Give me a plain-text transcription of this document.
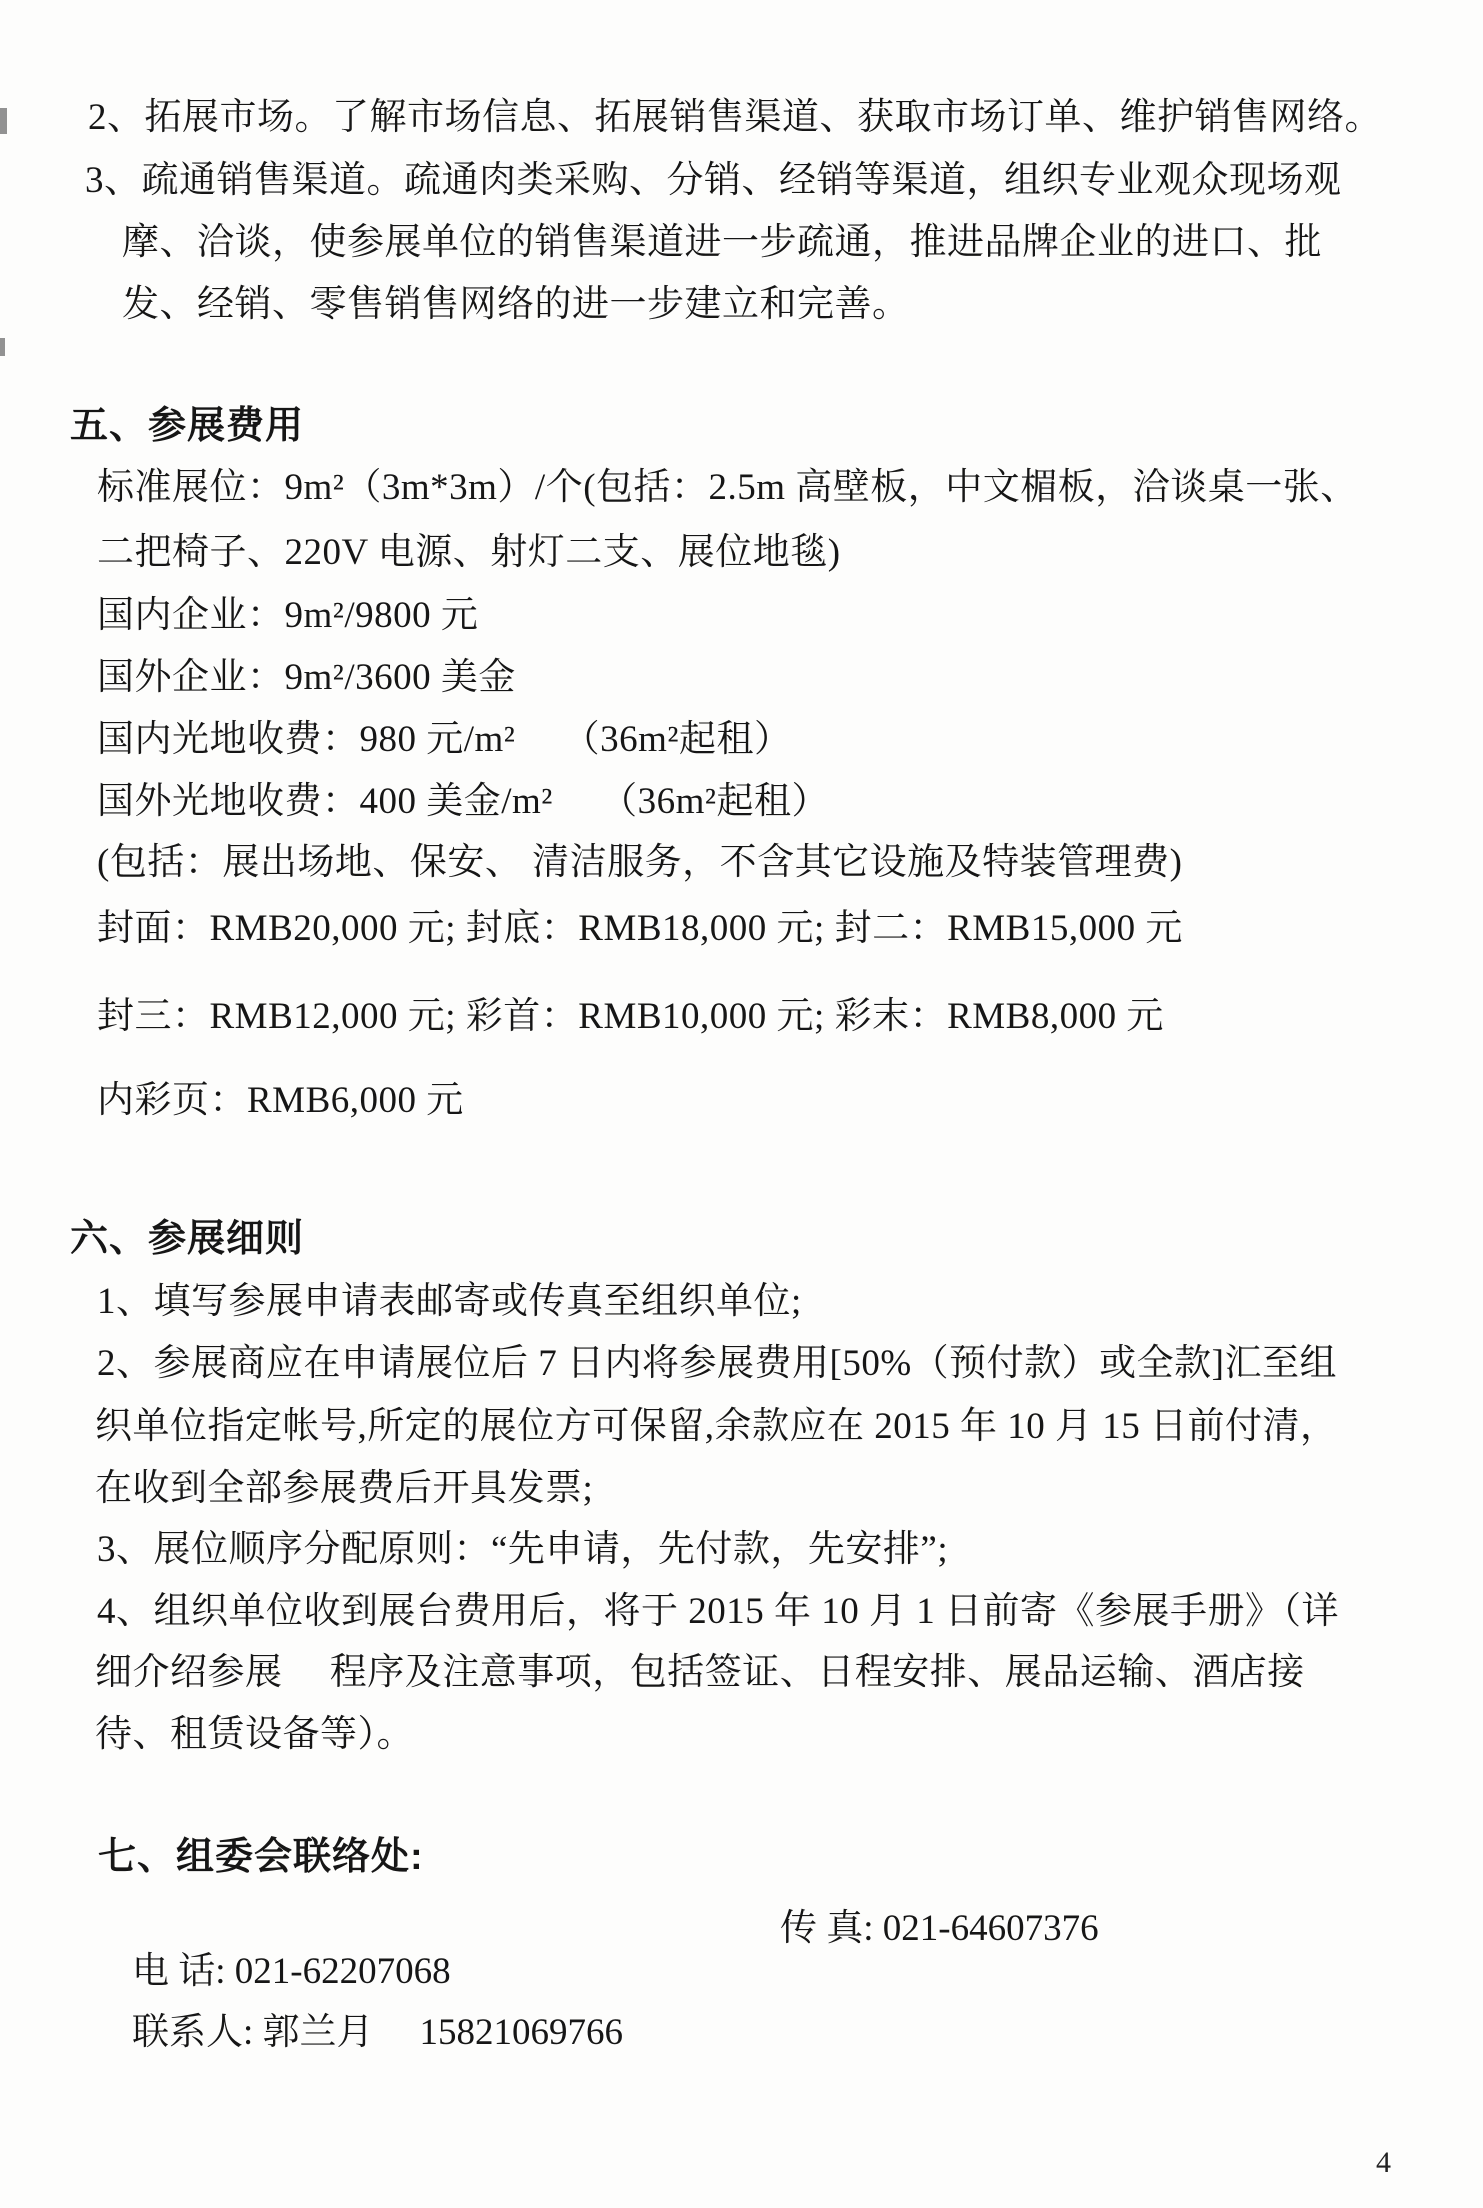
2、拓展市场。了解市场信息、拓展销售渠道、获取市场订单、维护销售网络。
3、疏通销售渠道。疏通肉类采购、分销、经销等渠道，组织专业观众现场观
摩、洽谈，使参展单位的销售渠道进一步疏通，推进品牌企业的进口、批
发、经销、零售销售网络的进一步建立和完善。
五、参展费用
标准展位：9m²（3m*3m）/个(包括：2.5m 高壁板，中文楣板，洽谈桌一张、
二把椅子、220V 电源、射灯二支、展位地毯)
国内企业：9m²/9800 元
国外企业：9m²/3600 美金
国内光地收费：980 元/m²　 （36m²起租）
国外光地收费：400 美金/m²　 （36m²起租）
(包括：展出场地、保安、 清洁服务，不含其它设施及特装管理费)
封面：RMB20,000 元; 封底：RMB18,000 元; 封二：RMB15,000 元
封三：RMB12,000 元; 彩首：RMB10,000 元; 彩末：RMB8,000 元
内彩页：RMB6,000 元
六、参展细则
1、填写参展申请表邮寄或传真至组织单位;
2、参展商应在申请展位后 7 日内将参展费用[50%（预付款）或全款]汇至组
织单位指定帐号,所定的展位方可保留,余款应在 2015 年 10 月 15 日前付清，
在收到全部参展费后开具发票;
3、展位顺序分配原则：“先申请，先付款，先安排”;
4、组织单位收到展台费用后，将于 2015 年 10 月 1 日前寄《参展手册》（详
细介绍参展　 程序及注意事项，包括签证、日程安排、展品运输、酒店接
待、租赁设备等）。
七、组委会联络处:

电 话: 021-62207068

传 真: 021-64607376

联系人: 郭兰月 15821069766

4
